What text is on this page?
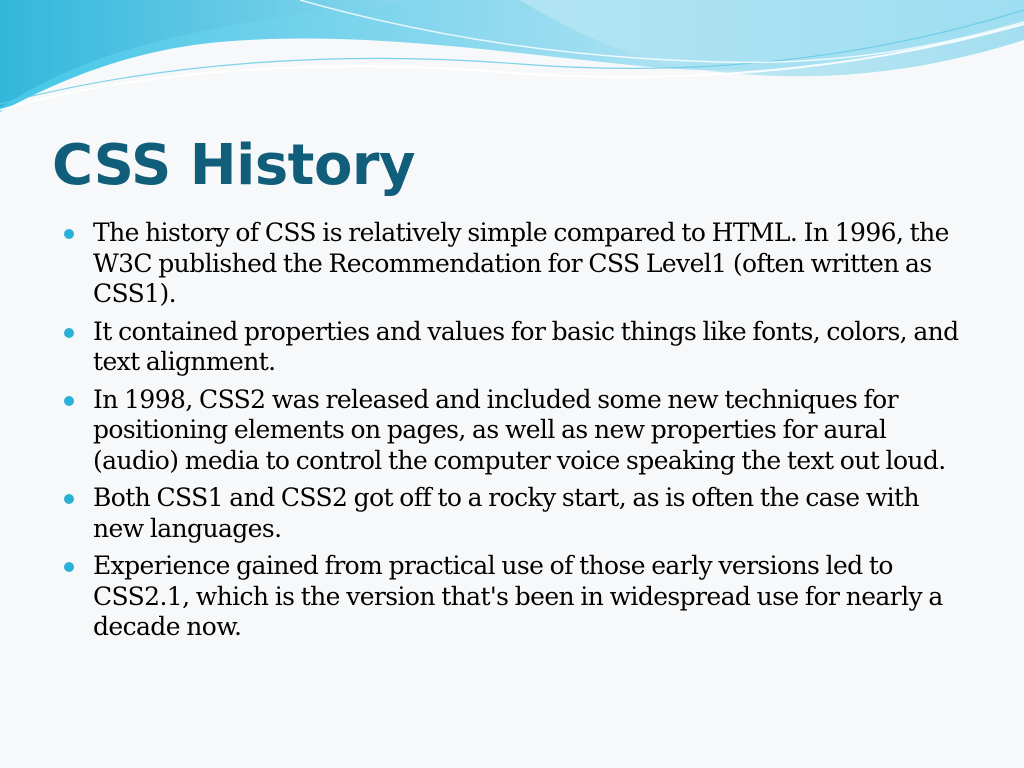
CSS History
The history of CSS is relatively simple compared to HTML. In 1996, the W3C published the Recommendation for CSS Level1 (often written as CSS1).
It contained properties and values for basic things like fonts, colors, and text alignment.
In 1998, CSS2 was released and included some new techniques for positioning elements on pages, as well as new properties for aural (audio) media to control the computer voice speaking the text out loud.
Both CSS1 and CSS2 got off to a rocky start, as is often the case with new languages.
Experience gained from practical use of those early versions led to CSS2.1, which is the version that's been in widespread use for nearly a decade now.
